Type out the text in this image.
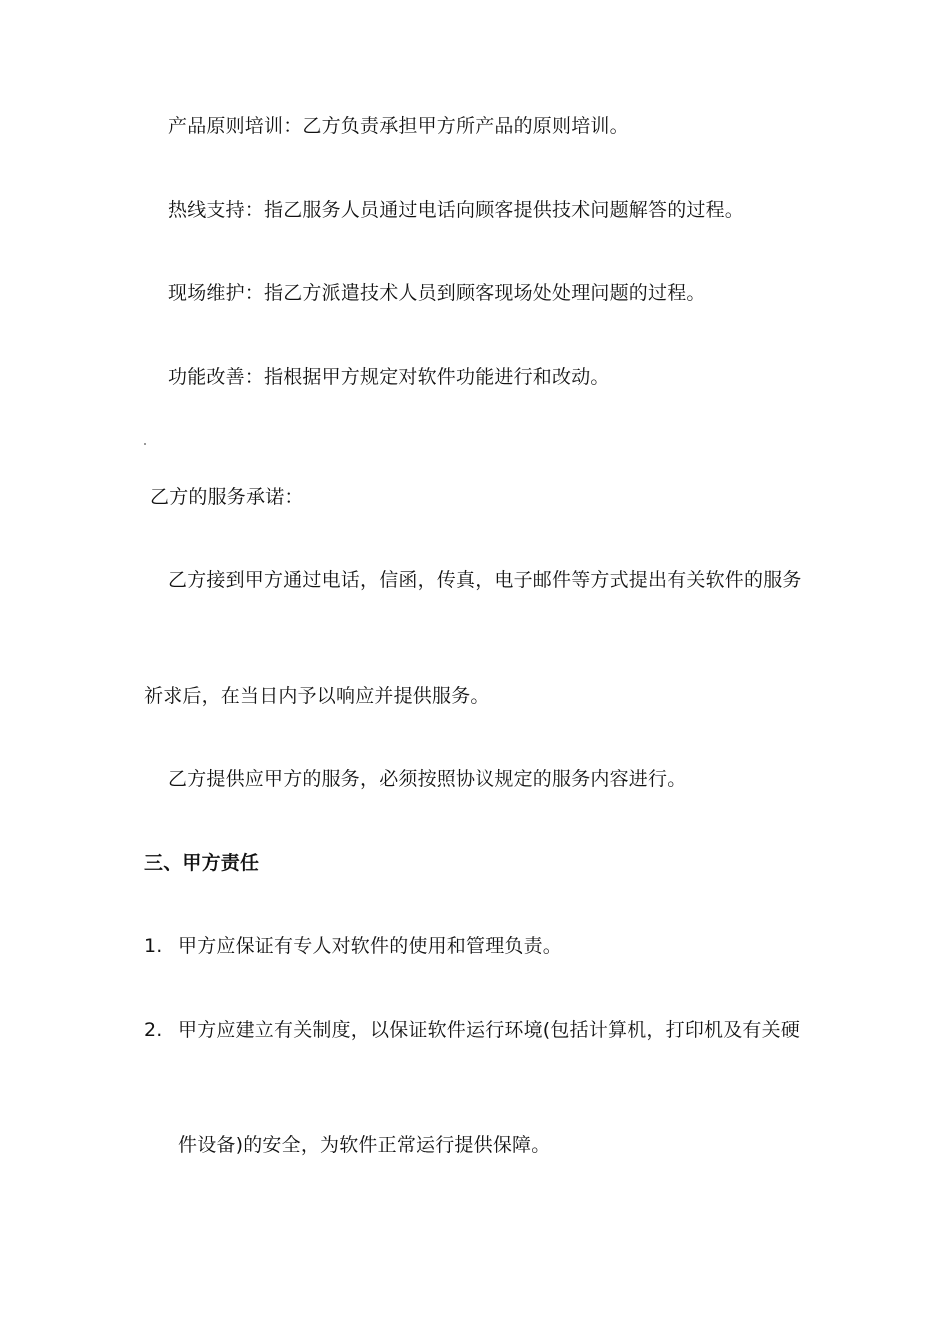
产品原则培训：乙方负责承担甲方所产品的原则培训。
热线支持：指乙服务人员通过电话向顾客提供技术问题解答的过程。
现场维护：指乙方派遣技术人员到顾客现场处处理问题的过程。
功能改善：指根据甲方规定对软件功能进行和改动。
乙方的服务承诺：
乙方接到甲方通过电话，信函，传真，电子邮件等方式提出有关软件的服务
祈求后，在当日内予以响应并提供服务。
乙方提供应甲方的服务，必须按照协议规定的服务内容进行。
三、甲方责任
1. 甲方应保证有专人对软件的使用和管理负责。
2. 甲方应建立有关制度，以保证软件运行环境(包括计算机，打印机及有关硬
件设备)的安全，为软件正常运行提供保障。
